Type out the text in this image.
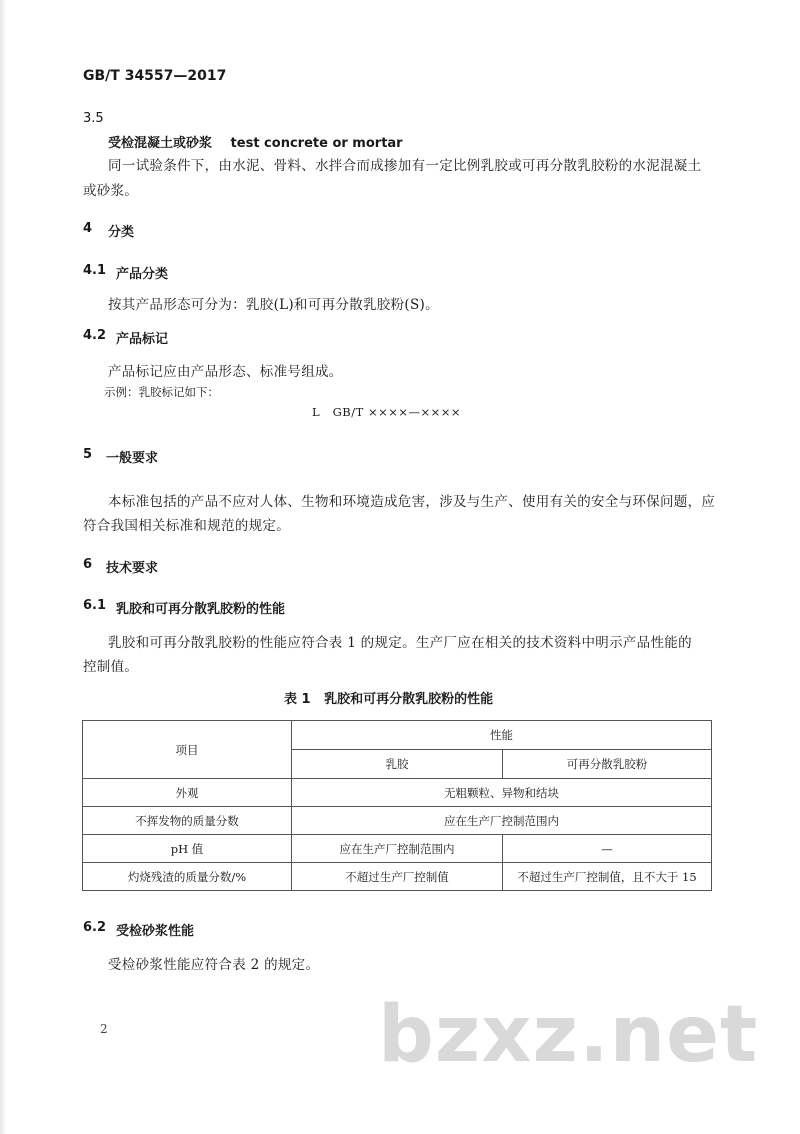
GB/T 34557—2017
3.5
受检混凝土或砂浆 test concrete or mortar
同一试验条件下，由水泥、骨料、水拌合而成掺加有一定比例乳胶或可再分散乳胶粉的水泥混凝土
或砂浆。
4 分类
4.1 产品分类
按其产品形态可分为：乳胶(L)和可再分散乳胶粉(S)。
4.2 产品标记
产品标记应由产品形态、标准号组成。
示例：乳胶标记如下：
L   GB/T ××××—××××
5 一般要求
本标准包括的产品不应对人体、生物和环境造成危害，涉及与生产、使用有关的安全与环保问题，应
符合我国相关标准和规范的规定。
6 技术要求
6.1 乳胶和可再分散乳胶粉的性能
乳胶和可再分散乳胶粉的性能应符合表 1 的规定。生产厂应在相关的技术资料中明示产品性能的
控制值。
表 1   乳胶和可再分散乳胶粉的性能
项目	性能	
	乳胶	可再分散乳胶粉
外观	无粗颗粒、异物和结块	
不挥发物的质量分数	应在生产厂控制范围内	
pH 值	应在生产厂控制范围内	—
灼烧残渣的质量分数/%	不超过生产厂控制值	不超过生产厂控制值，且不大于 15
6.2 受检砂浆性能
受检砂浆性能应符合表 2 的规定。
2	bzxz.net
